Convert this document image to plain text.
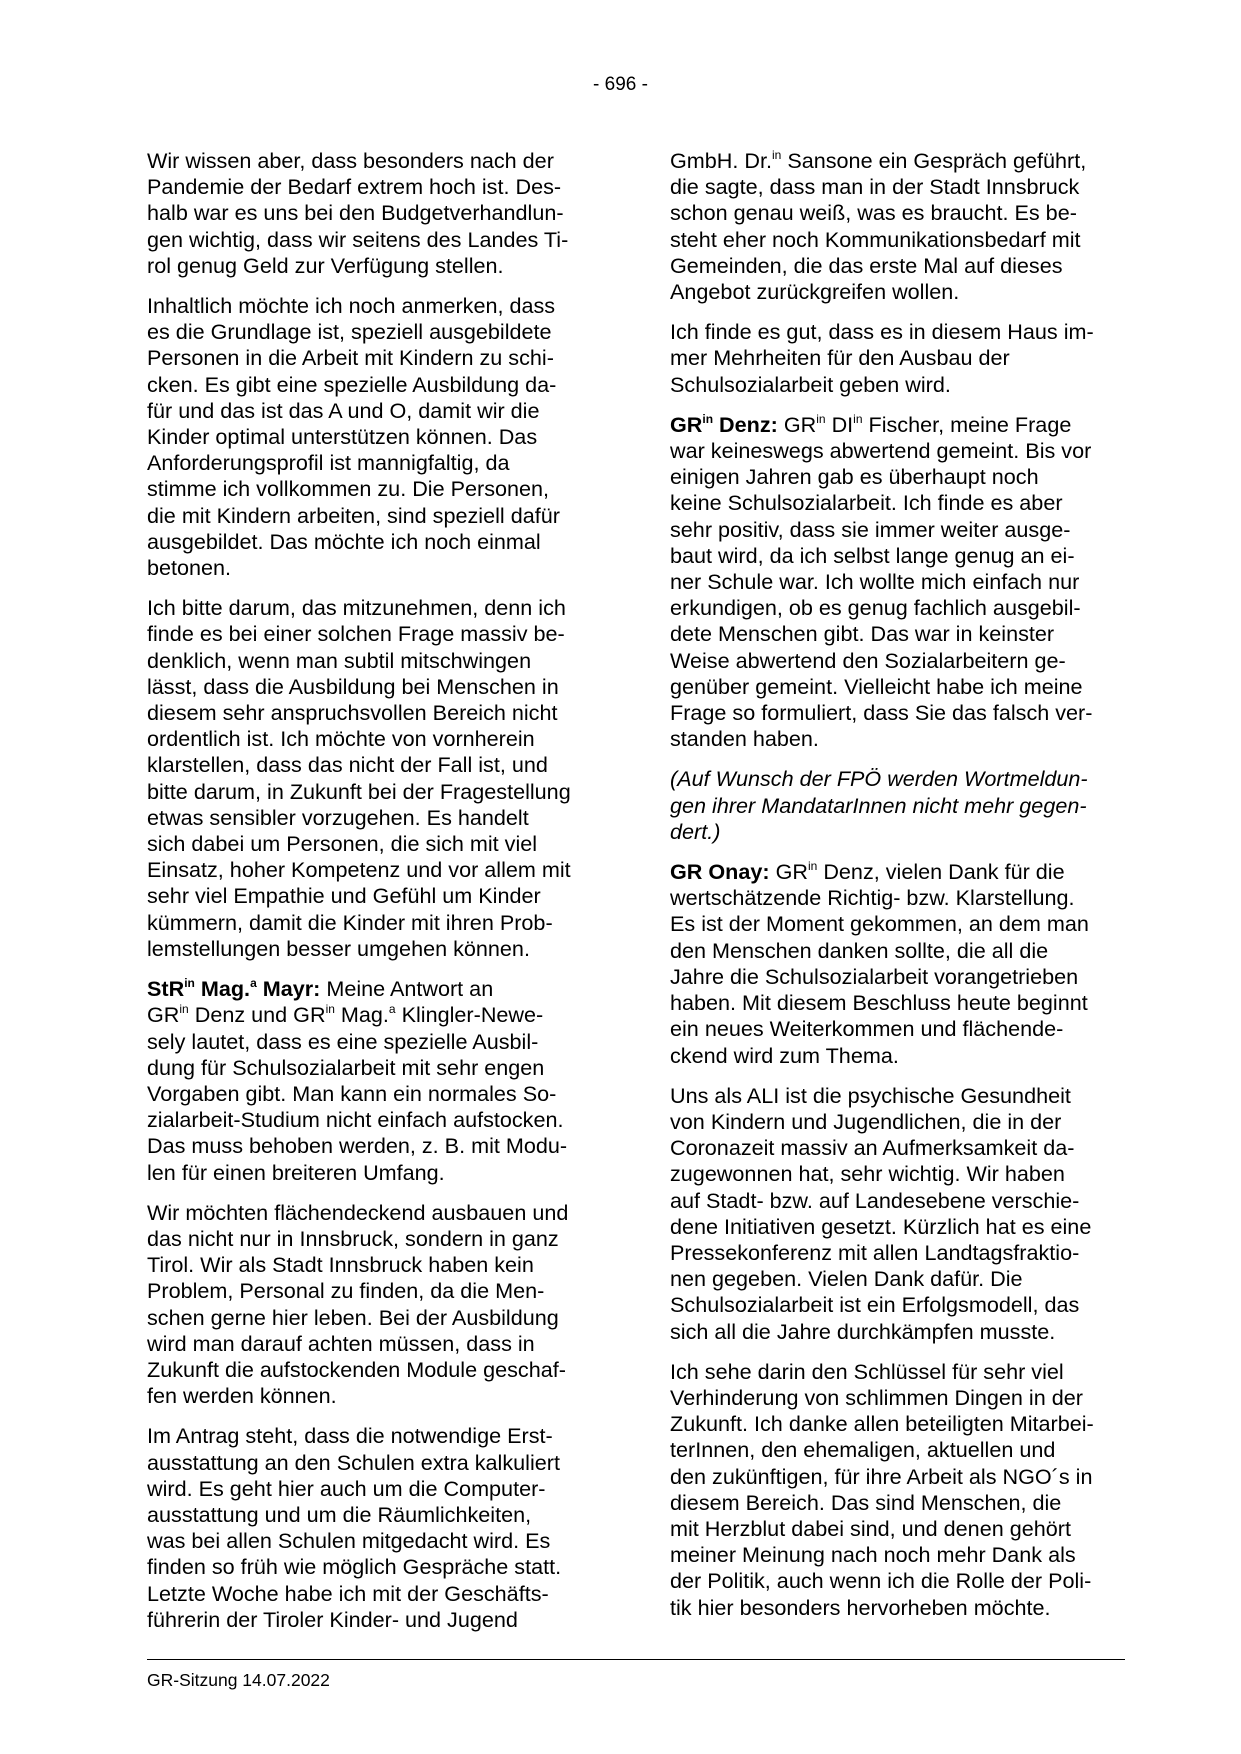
- 696 -

Wir wissen aber, dass besonders nach der
Pandemie der Bedarf extrem hoch ist. Des-
halb war es uns bei den Budgetverhandlun-
gen wichtig, dass wir seitens des Landes Ti-
rol genug Geld zur Verfügung stellen.

Inhaltlich möchte ich noch anmerken, dass
es die Grundlage ist, speziell ausgebildete
Personen in die Arbeit mit Kindern zu schi-
cken. Es gibt eine spezielle Ausbildung da-
für und das ist das A und O, damit wir die
Kinder optimal unterstützen können. Das
Anforderungsprofil ist mannigfaltig, da
stimme ich vollkommen zu. Die Personen,
die mit Kindern arbeiten, sind speziell dafür
ausgebildet. Das möchte ich noch einmal
betonen.

Ich bitte darum, das mitzunehmen, denn ich
finde es bei einer solchen Frage massiv be-
denklich, wenn man subtil mitschwingen
lässt, dass die Ausbildung bei Menschen in
diesem sehr anspruchsvollen Bereich nicht
ordentlich ist. Ich möchte von vornherein
klarstellen, dass das nicht der Fall ist, und
bitte darum, in Zukunft bei der Fragestellung
etwas sensibler vorzugehen. Es handelt
sich dabei um Personen, die sich mit viel
Einsatz, hoher Kompetenz und vor allem mit
sehr viel Empathie und Gefühl um Kinder
kümmern, damit die Kinder mit ihren Prob-
lemstellungen besser umgehen können.

StR$^{in}$ Mag.$^a$ Mayr: Meine Antwort an
$GR^{in}$ Denz und $GR^{in}$ Mag.$^a$ Klingler-Newe-
sely lautet, dass es eine spezielle Ausbil-
dung für Schulsozialarbeit mit sehr engen
Vorgaben gibt. Man kann ein normales So-
zialarbeit-Studium nicht einfach aufstocken.
Das muss behoben werden, z. B. mit Modu-
len für einen breiteren Umfang.

Wir möchten flächendeckend ausbauen und
das nicht nur in Innsbruck, sondern in ganz
Tirol. Wir als Stadt Innsbruck haben kein
Problem, Personal zu finden, da die Men-
schen gerne hier leben. Bei der Ausbildung
wird man darauf achten müssen, dass in
Zukunft die aufstockenden Module geschaf-
fen werden können.

Im Antrag steht, dass die notwendige Erst-
ausstattung an den Schulen extra kalkuliert
wird. Es geht hier auch um die Computer-
ausstattung und um die Räumlichkeiten,
was bei allen Schulen mitgedacht wird. Es
finden so früh wie möglich Gespräche statt.
Letzte Woche habe ich mit der Geschäfts-
führerin der Tiroler Kinder- und Jugend

GmbH. Dr.$^{in}$ Sansone ein Gespräch geführt,
die sagte, dass man in der Stadt Innsbruck
schon genau weiß, was es braucht. Es be-
steht eher noch Kommunikationsbedarf mit
Gemeinden, die das erste Mal auf dieses
Angebot zurückgreifen wollen.

Ich finde es gut, dass es in diesem Haus im-
mer Mehrheiten für den Ausbau der
Schulsozialarbeit geben wird.

$GR^{in}$ Denz: $GR^{in}$ $DI^{in}$ Fischer, meine Frage
war keineswegs abwertend gemeint. Bis vor
einigen Jahren gab es überhaupt noch
keine Schulsozialarbeit. Ich finde es aber
sehr positiv, dass sie immer weiter ausge-
baut wird, da ich selbst lange genug an ei-
ner Schule war. Ich wollte mich einfach nur
erkundigen, ob es genug fachlich ausgebil-
dete Menschen gibt. Das war in keinster
Weise abwertend den Sozialarbeitern ge-
genüber gemeint. Vielleicht habe ich meine
Frage so formuliert, dass Sie das falsch ver-
standen haben.

(Auf Wunsch der FPÖ werden Wortmeldun-
gen ihrer MandatarInnen nicht mehr gegen-
dert.)

GR Onay: $GR^{in}$ Denz, vielen Dank für die
wertschätzende Richtig- bzw. Klarstellung.
Es ist der Moment gekommen, an dem man
den Menschen danken sollte, die all die
Jahre die Schulsozialarbeit vorangetrieben
haben. Mit diesem Beschluss heute beginnt
ein neues Weiterkommen und flächende-
ckend wird zum Thema.

Uns als ALI ist die psychische Gesundheit
von Kindern und Jugendlichen, die in der
Coronazeit massiv an Aufmerksamkeit da-
zugewonnen hat, sehr wichtig. Wir haben
auf Stadt- bzw. auf Landesebene verschie-
dene Initiativen gesetzt. Kürzlich hat es eine
Pressekonferenz mit allen Landtagsfraktio-
nen gegeben. Vielen Dank dafür. Die
Schulsozialarbeit ist ein Erfolgsmodell, das
sich all die Jahre durchkämpfen musste.

Ich sehe darin den Schlüssel für sehr viel
Verhinderung von schlimmen Dingen in der
Zukunft. Ich danke allen beteiligten Mitarbei-
terInnen, den ehemaligen, aktuellen und
den zukünftigen, für ihre Arbeit als NGO´s in
diesem Bereich. Das sind Menschen, die
mit Herzblut dabei sind, und denen gehört
meiner Meinung nach noch mehr Dank als
der Politik, auch wenn ich die Rolle der Poli-
tik hier besonders hervorheben möchte.

GR-Sitzung 14.07.2022
